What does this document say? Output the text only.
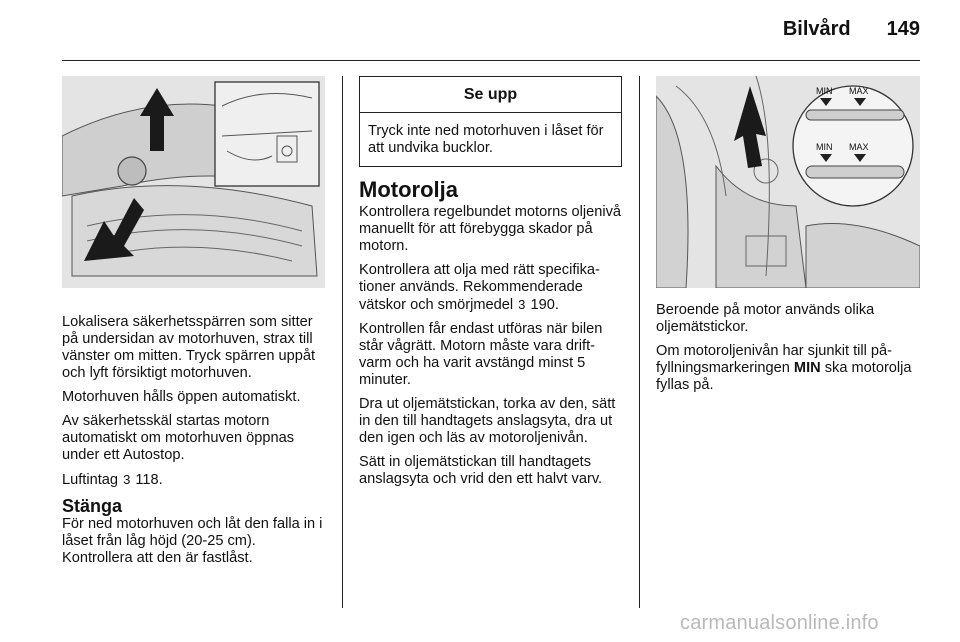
Bilvård 149

Lokalisera säkerhetsspärren som sitter på undersidan av motorhuven, strax till vänster om mitten. Tryck spärren uppåt och lyft försiktigt motorhuven.

Motorhuven hålls öppen automatiskt.

Av säkerhetsskäl startas motorn automatiskt om motorhuven öppnas under ett Autostop.

Luftintag 3 118.

Stänga

För ned motorhuven och låt den falla in i låset från låg höjd (20-25 cm). Kontrollera att den är fastlåst.

Se upp
Tryck inte ned motorhuven i låset för att undvika bucklor.
Motorolja

Kontrollera regelbundet motorns oljenivå manuellt för att förebygga skador på motorn.

Kontrollera att olja med rätt specifikationer används. Rekommenderade vätskor och smörjmedel 3 190.

Kontrollen får endast utföras när bilen står vågrätt. Motorn måste vara driftvarm och ha varit avstängd minst 5 minuter.

Dra ut oljemätstickan, torka av den, sätt in den till handtagets anslagsyta, dra ut den igen och läs av motoroljenivån.

Sätt in oljemätstickan till handtagets anslagsyta och vrid den ett halvt varv.

MIN MAX
MIN MAX

Beroende på motor används olika oljemätstickor.

Om motoroljenivån har sjunkit till påfyllningsmarkeringen MIN ska motorolja fyllas på.

carmanualsonline.info
